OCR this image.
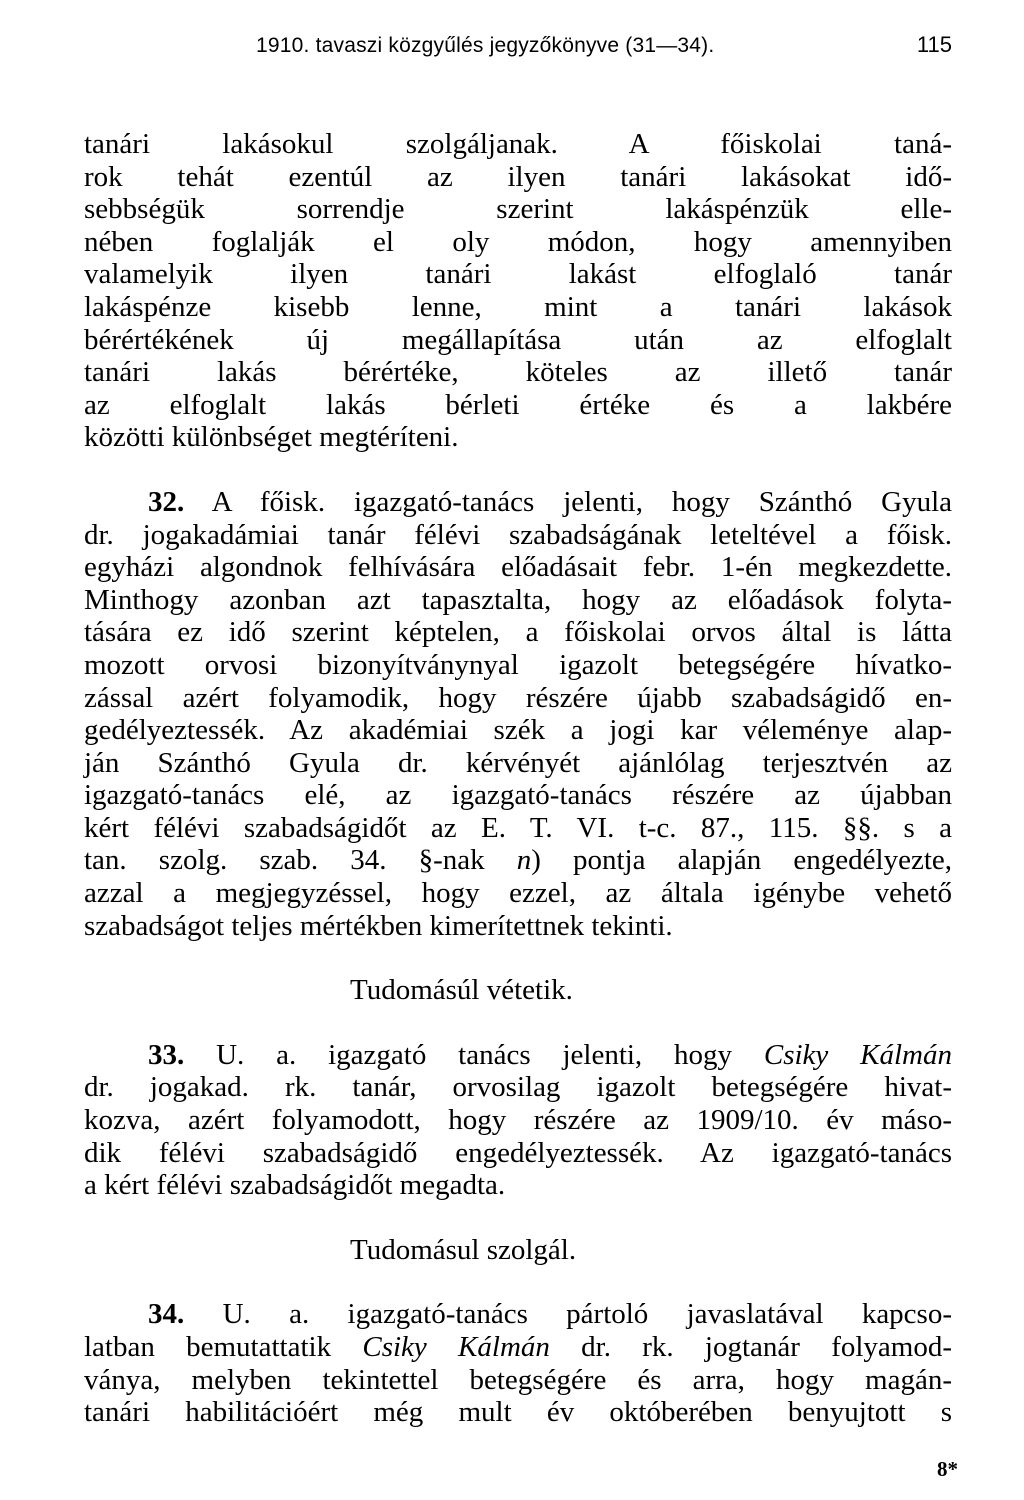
1910. tavaszi közgyűlés jegyzőkönyve (31—34).	115
tanári lakásokul szolgáljanak. A főiskolai taná-
rok tehát ezentúl az ilyen tanári lakásokat idő-
sebbségük sorrendje szerint lakáspénzük elle-
nében foglalják el oly módon, hogy amennyiben
valamelyik ilyen tanári lakást elfoglaló tanár
lakáspénze kisebb lenne, mint a tanári lakások
bérértékének új megállapítása után az elfoglalt
tanári lakás bérértéke, köteles az illető tanár
az elfoglalt lakás bérleti értéke és a lakbére
közötti különbséget megtéríteni.
32. A főisk. igazgató-tanács jelenti, hogy Szánthó Gyula
dr. jogakadámiai tanár félévi szabadságának leteltével a főisk.
egyházi algondnok felhívására előadásait febr. 1-én megkezdette.
Minthogy azonban azt tapasztalta, hogy az előadások folyta-
tására ez idő szerint képtelen, a főiskolai orvos által is látta
mozott orvosi bizonyítványnyal igazolt betegségére hívatko-
zással azért folyamodik, hogy részére újabb szabadságidő en-
gedélyeztessék. Az akadémiai szék a jogi kar véleménye alap-
ján Szánthó Gyula dr. kérvényét ajánlólag terjesztvén az
igazgató-tanács elé, az igazgató-tanács részére az újabban
kért félévi szabadságidőt az E. T. VI. t-c. 87., 115. §§. s a
tan. szolg. szab. 34. §-nak n) pontja alapján engedélyezte,
azzal a megjegyzéssel, hogy ezzel, az általa igénybe vehető
szabadságot teljes mértékben kimerítettnek tekinti.
Tudomásúl vétetik.
33. U. a. igazgató tanács jelenti, hogy Csiky Kálmán
dr. jogakad. rk. tanár, orvosilag igazolt betegségére hivat-
kozva, azért folyamodott, hogy részére az 1909/10. év máso-
dik félévi szabadságidő engedélyeztessék. Az igazgató-tanács
a kért félévi szabadságidőt megadta.
Tudomásul szolgál.
34. U. a. igazgató-tanács pártoló javaslatával kapcso-
latban bemutattatik Csiky Kálmán dr. rk. jogtanár folyamod-
ványa, melyben tekintettel betegségére és arra, hogy magán-
tanári habilitációért még mult év októberében benyujtott s
8*
